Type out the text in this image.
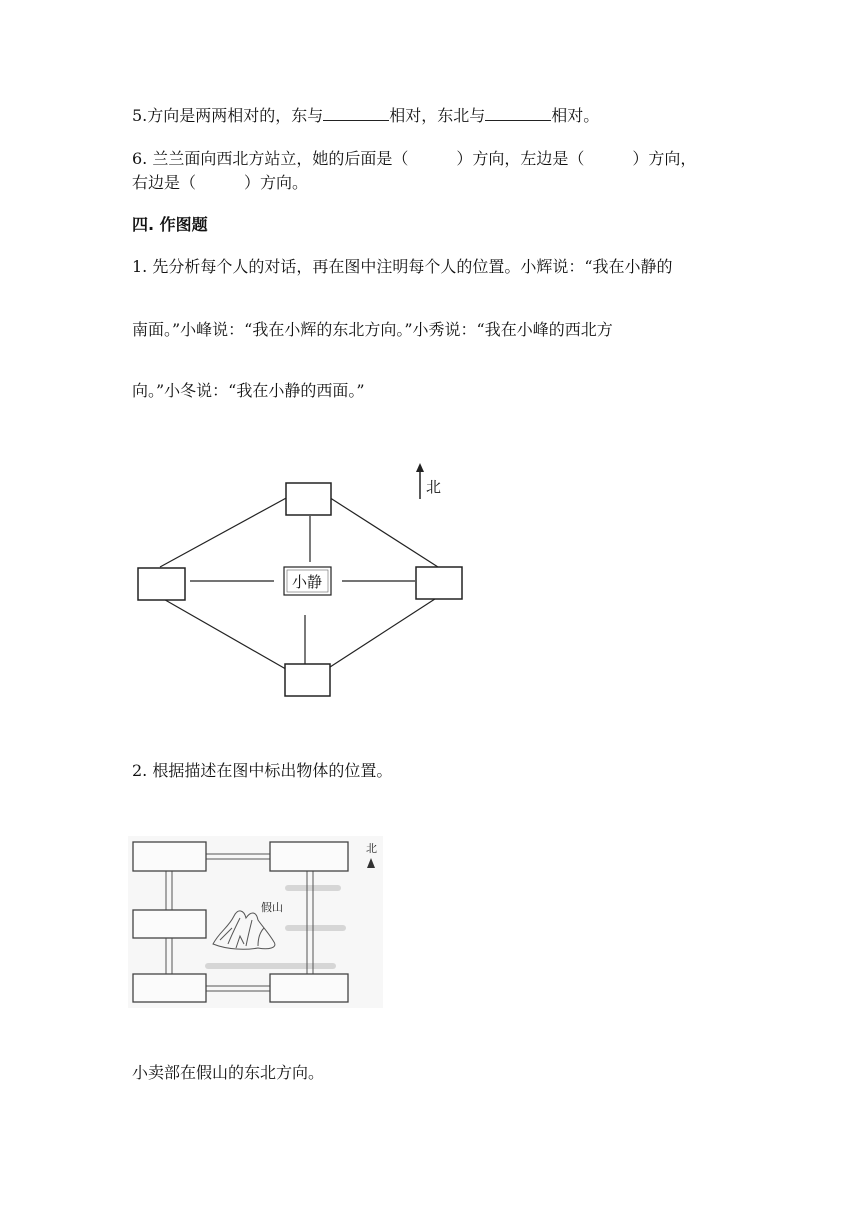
5.方向是两两相对的，东与	相对，东北与	相对。

6. 兰兰面向西北方站立，她的后面是（　　　）方向，左边是（　　　）方向，

右边是（　　　）方向。

四. 作图题

1. 先分析每个人的对话，再在图中注明每个人的位置。小辉说：“我在小静的

南面。”小峰说：“我在小辉的东北方向。”小秀说：“我在小峰的西北方

向。”小冬说：“我在小静的西面。”

小静
北

2. 根据描述在图中标出物体的位置。

假山
北

小卖部在假山的东北方向。
